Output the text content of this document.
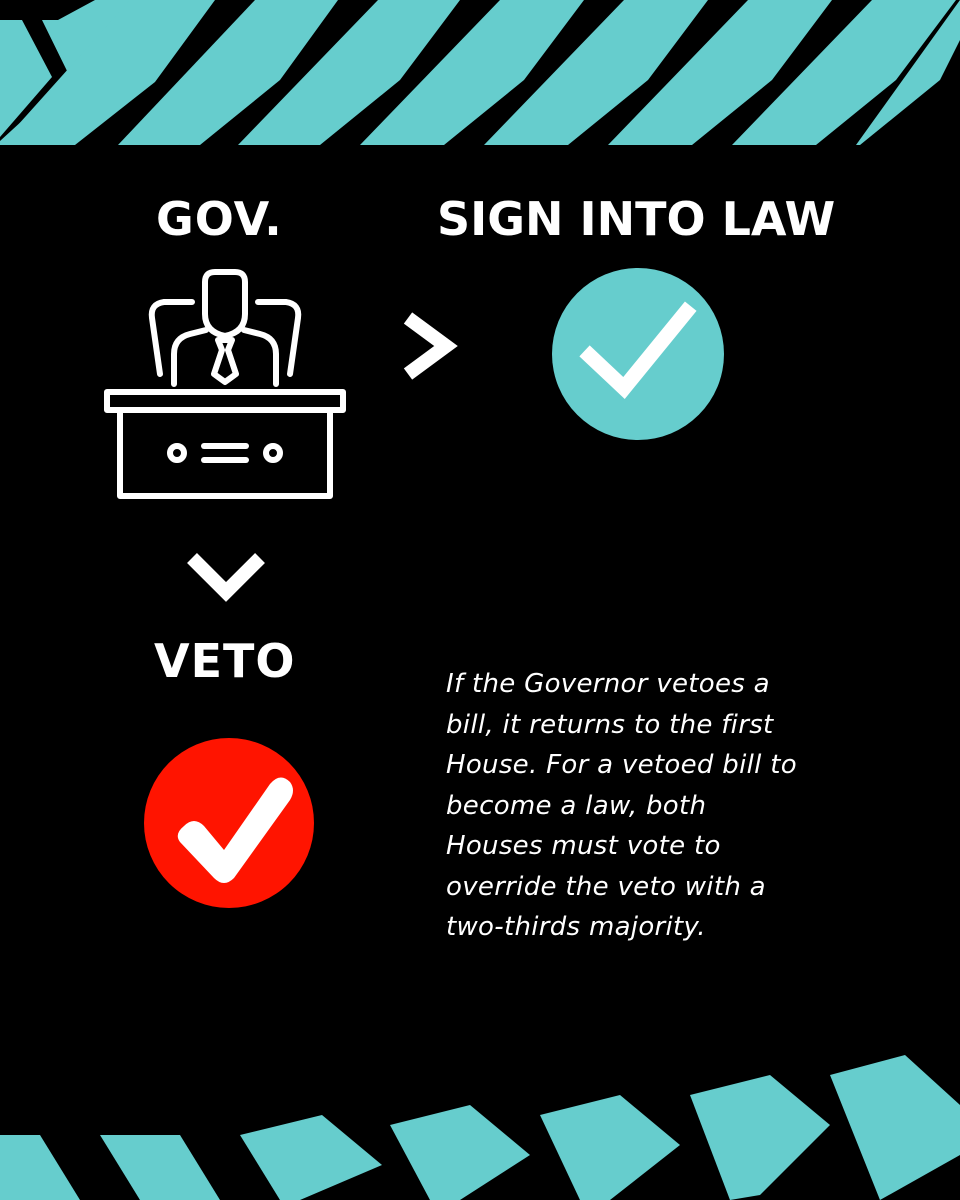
GOV.	SIGN INTO LAW
VETO	If the Governor vetoes a
bill, it returns to the first
House. For a vetoed bill to
become a law, both
Houses must vote to
override the veto with a
two-thirds majority.
